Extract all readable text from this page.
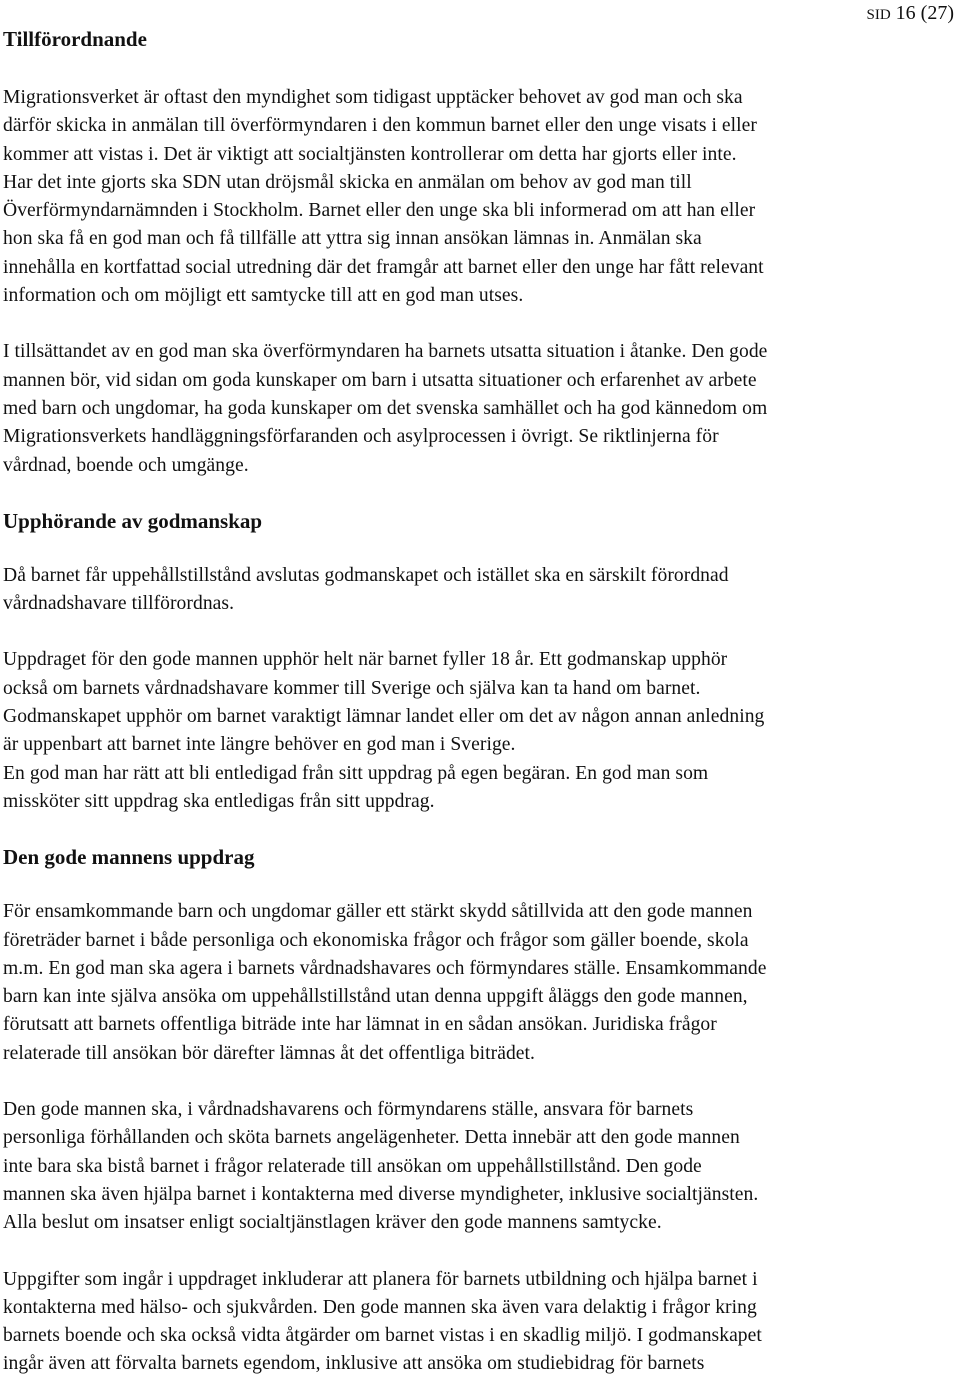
SID 16 (27)
Tillförordnande

Migrationsverket är oftast den myndighet som tidigast upptäcker behovet av god man och ska
därför skicka in anmälan till överförmyndaren i den kommun barnet eller den unge visats i eller
kommer att vistas i. Det är viktigt att socialtjänsten kontrollerar om detta har gjorts eller inte.
Har det inte gjorts ska SDN utan dröjsmål skicka en anmälan om behov av god man till
Överförmyndarnämnden i Stockholm. Barnet eller den unge ska bli informerad om att han eller
hon ska få en god man och få tillfälle att yttra sig innan ansökan lämnas in. Anmälan ska
innehålla en kortfattad social utredning där det framgår att barnet eller den unge har fått relevant
information och om möjligt ett samtycke till att en god man utses.

I tillsättandet av en god man ska överförmyndaren ha barnets utsatta situation i åtanke. Den gode
mannen bör, vid sidan om goda kunskaper om barn i utsatta situationer och erfarenhet av arbete
med barn och ungdomar, ha goda kunskaper om det svenska samhället och ha god kännedom om
Migrationsverkets handläggningsförfaranden och asylprocessen i övrigt. Se riktlinjerna för
vårdnad, boende och umgänge.

Upphörande av godmanskap

Då barnet får uppehållstillstånd avslutas godmanskapet och istället ska en särskilt förordnad
vårdnadshavare tillförordnas.

Uppdraget för den gode mannen upphör helt när barnet fyller 18 år. Ett godmanskap upphör
också om barnets vårdnadshavare kommer till Sverige och själva kan ta hand om barnet.
Godmanskapet upphör om barnet varaktigt lämnar landet eller om det av någon annan anledning
är uppenbart att barnet inte längre behöver en god man i Sverige.
En god man har rätt att bli entledigad från sitt uppdrag på egen begäran. En god man som
missköter sitt uppdrag ska entledigas från sitt uppdrag.

Den gode mannens uppdrag

För ensamkommande barn och ungdomar gäller ett stärkt skydd såtillvida att den gode mannen
företräder barnet i både personliga och ekonomiska frågor och frågor som gäller boende, skola
m.m. En god man ska agera i barnets vårdnadshavares och förmyndares ställe. Ensamkommande
barn kan inte själva ansöka om uppehållstillstånd utan denna uppgift åläggs den gode mannen,
förutsatt att barnets offentliga biträde inte har lämnat in en sådan ansökan. Juridiska frågor
relaterade till ansökan bör därefter lämnas åt det offentliga biträdet.

Den gode mannen ska, i vårdnadshavarens och förmyndarens ställe, ansvara för barnets
personliga förhållanden och sköta barnets angelägenheter. Detta innebär att den gode mannen
inte bara ska bistå barnet i frågor relaterade till ansökan om uppehållstillstånd. Den gode
mannen ska även hjälpa barnet i kontakterna med diverse myndigheter, inklusive socialtjänsten.
Alla beslut om insatser enligt socialtjänstlagen kräver den gode mannens samtycke.

Uppgifter som ingår i uppdraget inkluderar att planera för barnets utbildning och hjälpa barnet i
kontakterna med hälso- och sjukvården. Den gode mannen ska även vara delaktig i frågor kring
barnets boende och ska också vidta åtgärder om barnet vistas i en skadlig miljö. I godmanskapet
ingår även att förvalta barnets egendom, inklusive att ansöka om studiebidrag för barnets
